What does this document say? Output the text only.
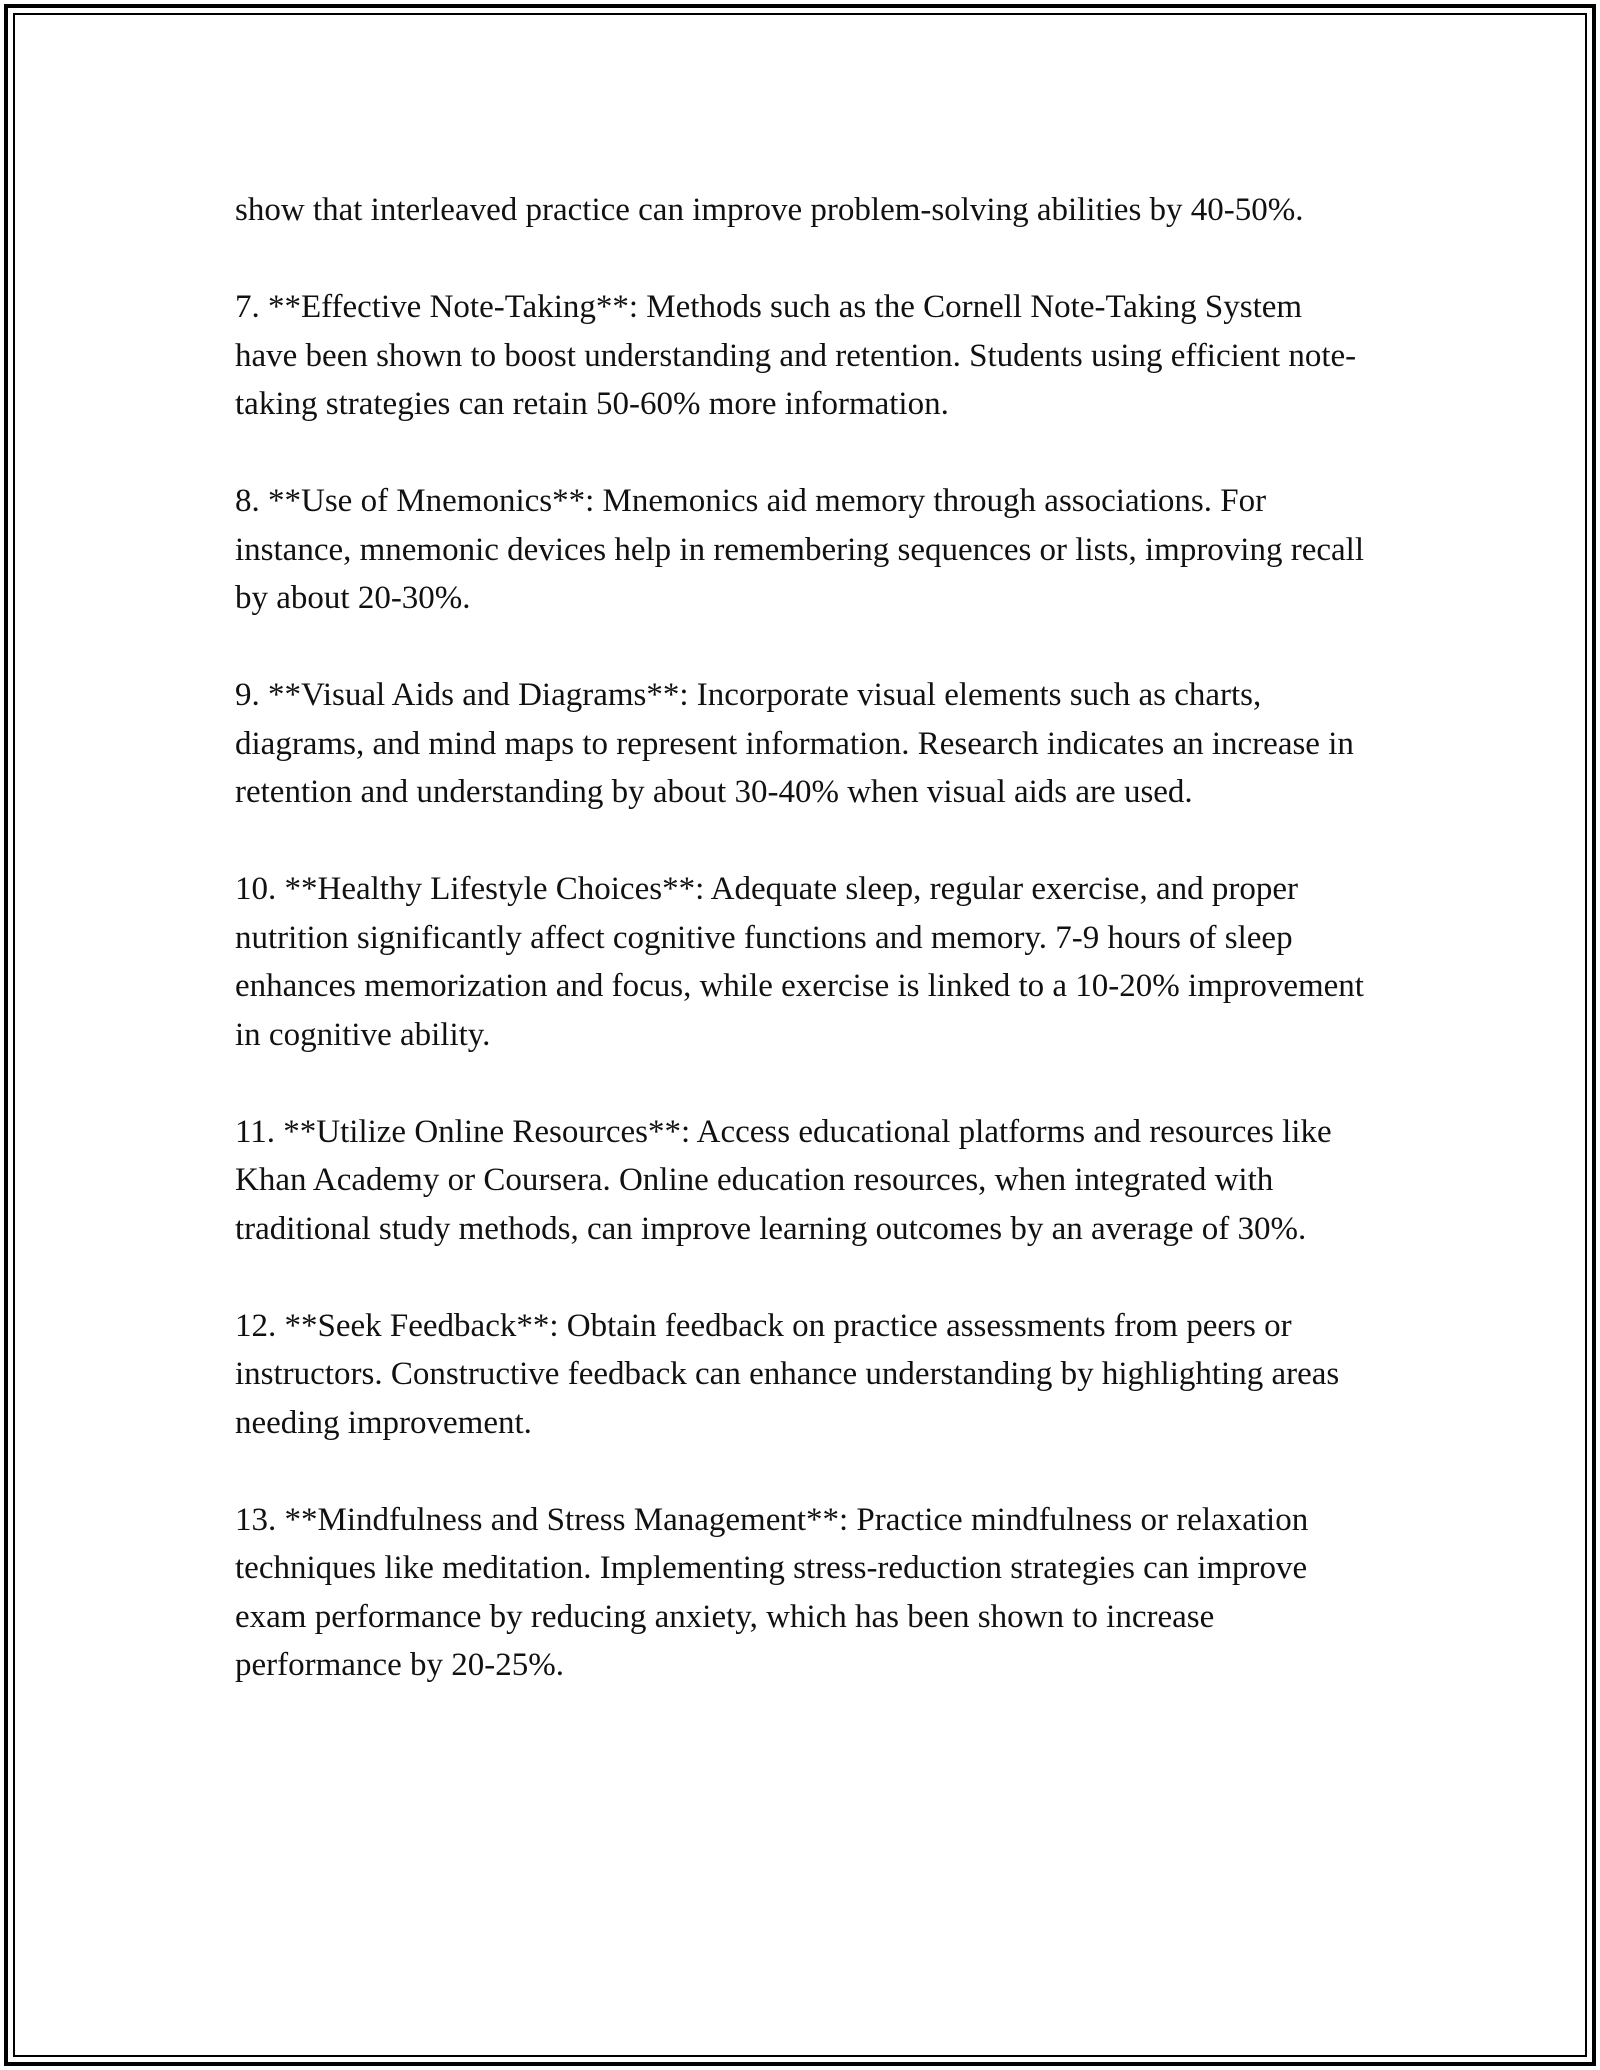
show that interleaved practice can improve problem-solving abilities by 40-50%.

7. **Effective Note-Taking**: Methods such as the Cornell Note-Taking System have been shown to boost understanding and retention. Students using efficient note-taking strategies can retain 50-60% more information.

8. **Use of Mnemonics**: Mnemonics aid memory through associations. For instance, mnemonic devices help in remembering sequences or lists, improving recall by about 20-30%.

9. **Visual Aids and Diagrams**: Incorporate visual elements such as charts, diagrams, and mind maps to represent information. Research indicates an increase in retention and understanding by about 30-40% when visual aids are used.

10. **Healthy Lifestyle Choices**: Adequate sleep, regular exercise, and proper nutrition significantly affect cognitive functions and memory. 7-9 hours of sleep enhances memorization and focus, while exercise is linked to a 10-20% improvement in cognitive ability.

11. **Utilize Online Resources**: Access educational platforms and resources like Khan Academy or Coursera. Online education resources, when integrated with traditional study methods, can improve learning outcomes by an average of 30%.

12. **Seek Feedback**: Obtain feedback on practice assessments from peers or instructors. Constructive feedback can enhance understanding by highlighting areas needing improvement.

13. **Mindfulness and Stress Management**: Practice mindfulness or relaxation techniques like meditation. Implementing stress-reduction strategies can improve exam performance by reducing anxiety, which has been shown to increase performance by 20-25%.
